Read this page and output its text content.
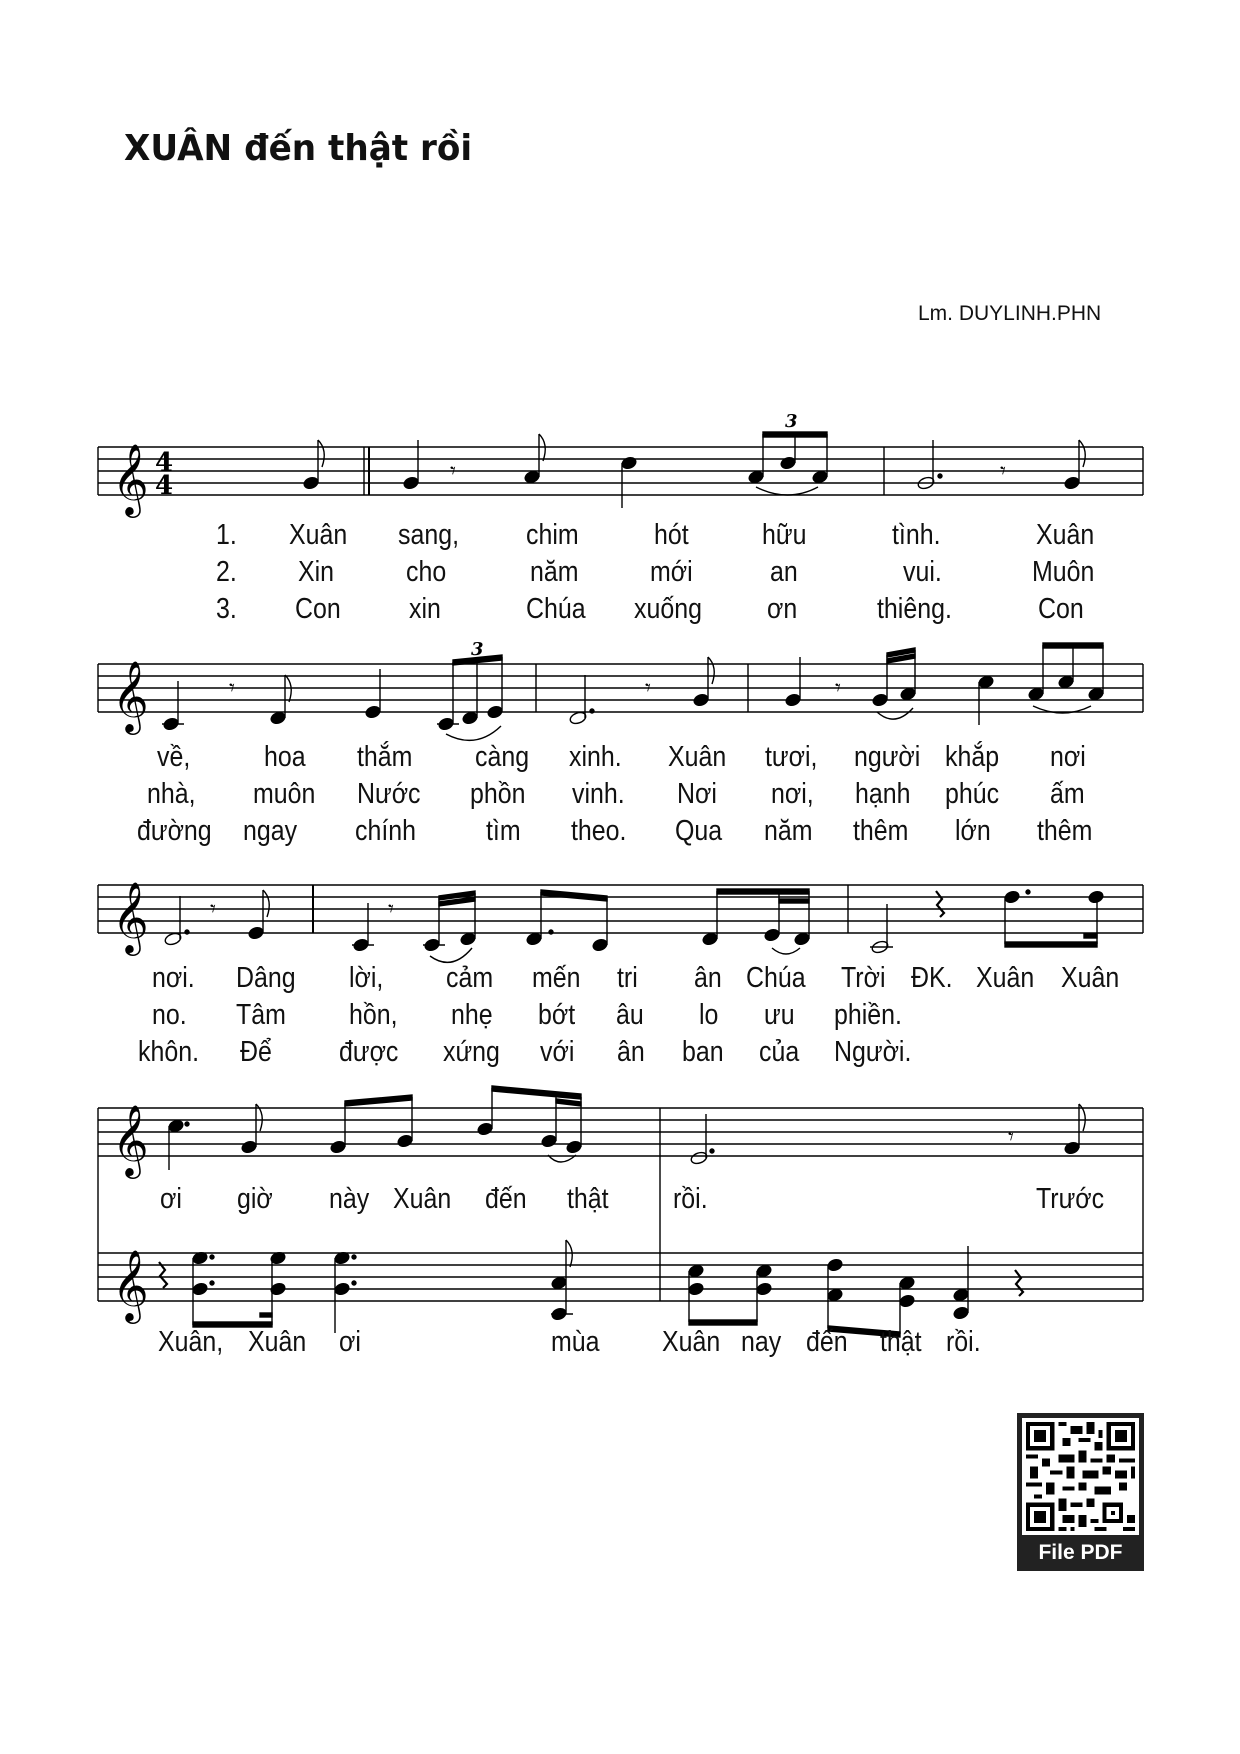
XUÂN đến thật rồi
Lm. DUYLINH.PHN
𝄞 4
4
𝄾
3
𝄾
1. Xuân sang, chim	hót	hữu	tình.	Xuân
2. Xin cho	năm mới	an	vui.	Muôn
3. Con xin	Chúa xuống ơn	thiêng.	Con
𝄞	𝄾
3
𝄾	𝄾
về,	hoa thắm càng xinh. Xuân tươi, người khắp nơi
nhà, muôn Nước phồn vinh. Nơi nơi, hạnh phúc ấm
đường ngay chính tìm theo. Qua năm thêm lớn thêm
𝄞	𝄾	𝄾
nơi. Dâng lời, cảm mến tri ân Chúa Trời ĐK. Xuân Xuân
no. Tâm hồn, nhẹ bớt âu lo ưu phiền.
khôn. Để được xứng với ân ban của Người.
𝄞
𝄞
𝄾
ơi giờ này Xuân đến thật rồi.	Trước
Xuân, Xuân ơi	mùa Xuân nay đến thật rồi.
File PDF
